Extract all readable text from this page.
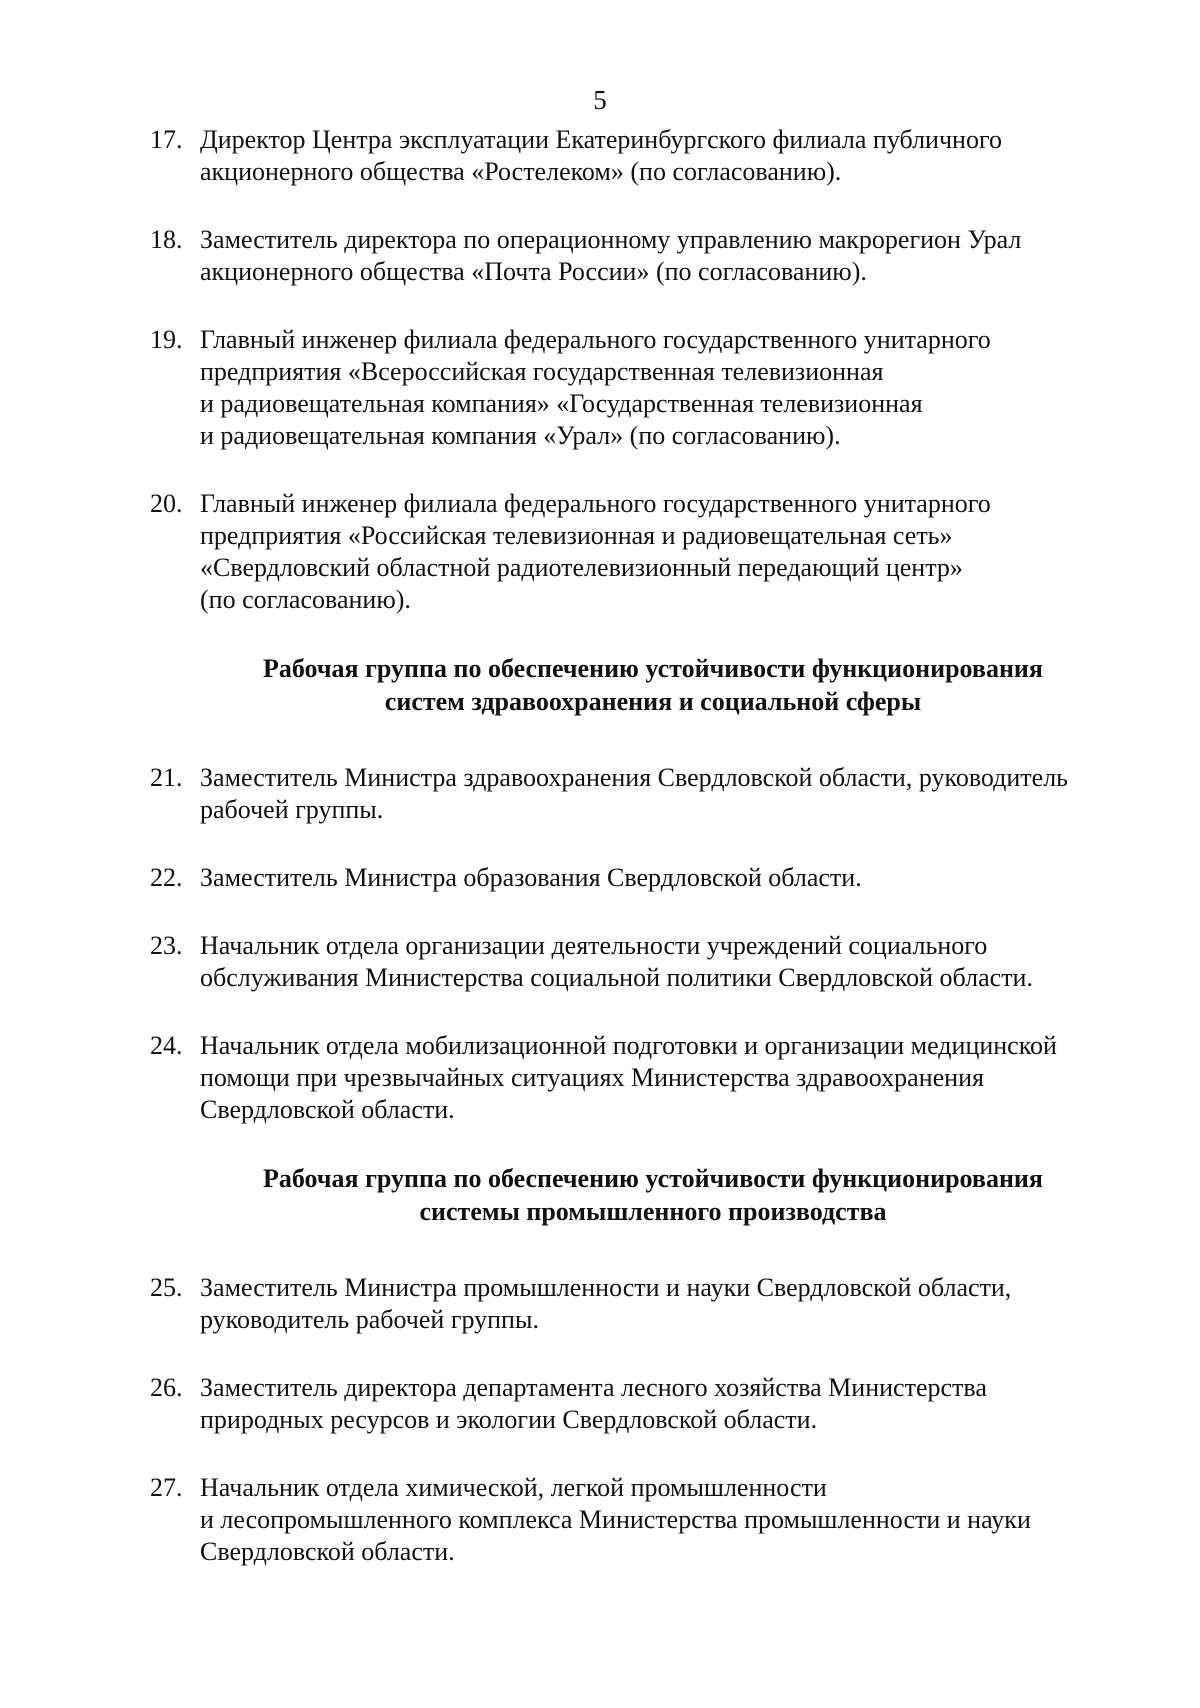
5
17. Директор Центра эксплуатации Екатеринбургского филиала публичного
акционерного общества «Ростелеком» (по согласованию).
18. Заместитель директора по операционному управлению макрорегион Урал
акционерного общества «Почта России» (по согласованию).
19. Главный инженер филиала федерального государственного унитарного
предприятия «Всероссийская государственная телевизионная
и радиовещательная компания» «Государственная телевизионная
и радиовещательная компания «Урал» (по согласованию).
20. Главный инженер филиала федерального государственного унитарного
предприятия «Российская телевизионная и радиовещательная сеть»
«Свердловский областной радиотелевизионный передающий центр»
(по согласованию).
Рабочая группа по обеспечению устойчивости функционирования
систем здравоохранения и социальной сферы
21. Заместитель Министра здравоохранения Свердловской области, руководитель
рабочей группы.
22. Заместитель Министра образования Свердловской области.
23. Начальник отдела организации деятельности учреждений социального
обслуживания Министерства социальной политики Свердловской области.
24. Начальник отдела мобилизационной подготовки и организации медицинской
помощи при чрезвычайных ситуациях Министерства здравоохранения
Свердловской области.
Рабочая группа по обеспечению устойчивости функционирования
системы промышленного производства
25. Заместитель Министра промышленности и науки Свердловской области,
руководитель рабочей группы.
26. Заместитель директора департамента лесного хозяйства Министерства
природных ресурсов и экологии Свердловской области.
27. Начальник отдела химической, легкой промышленности
и лесопромышленного комплекса Министерства промышленности и науки
Свердловской области.
